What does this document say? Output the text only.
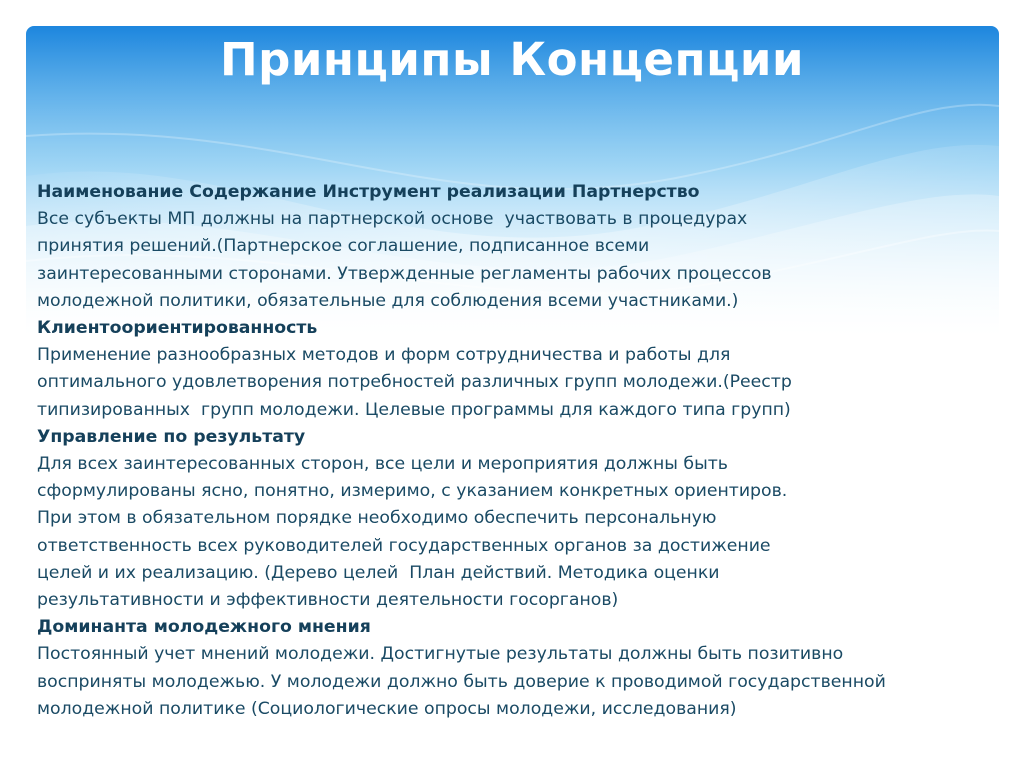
Принципы Концепции
Наименование Содержание Инструмент реализации Партнерство
Все субъекты МП должны на партнерской основе  участвовать в процедурах
принятия решений.(Партнерское соглашение, подписанное всеми
заинтересованными сторонами. Утвержденные регламенты рабочих процессов
молодежной политики, обязательные для соблюдения всеми участниками.)
Клиентоориентированность
Применение разнообразных методов и форм сотрудничества и работы для
оптимального удовлетворения потребностей различных групп молодежи.(Реестр
типизированных  групп молодежи. Целевые программы для каждого типа групп)
Управление по результату
Для всех заинтересованных сторон, все цели и мероприятия должны быть
сформулированы ясно, понятно, измеримо, с указанием конкретных ориентиров.
При этом в обязательном порядке необходимо обеспечить персональную
ответственность всех руководителей государственных органов за достижение
целей и их реализацию. (Дерево целей  План действий. Методика оценки
результативности и эффективности деятельности госорганов)
Доминанта молодежного мнения
Постоянный учет мнений молодежи. Достигнутые результаты должны быть позитивно
восприняты молодежью. У молодежи должно быть доверие к проводимой государственной
молодежной политике (Социологические опросы молодежи, исследования)
